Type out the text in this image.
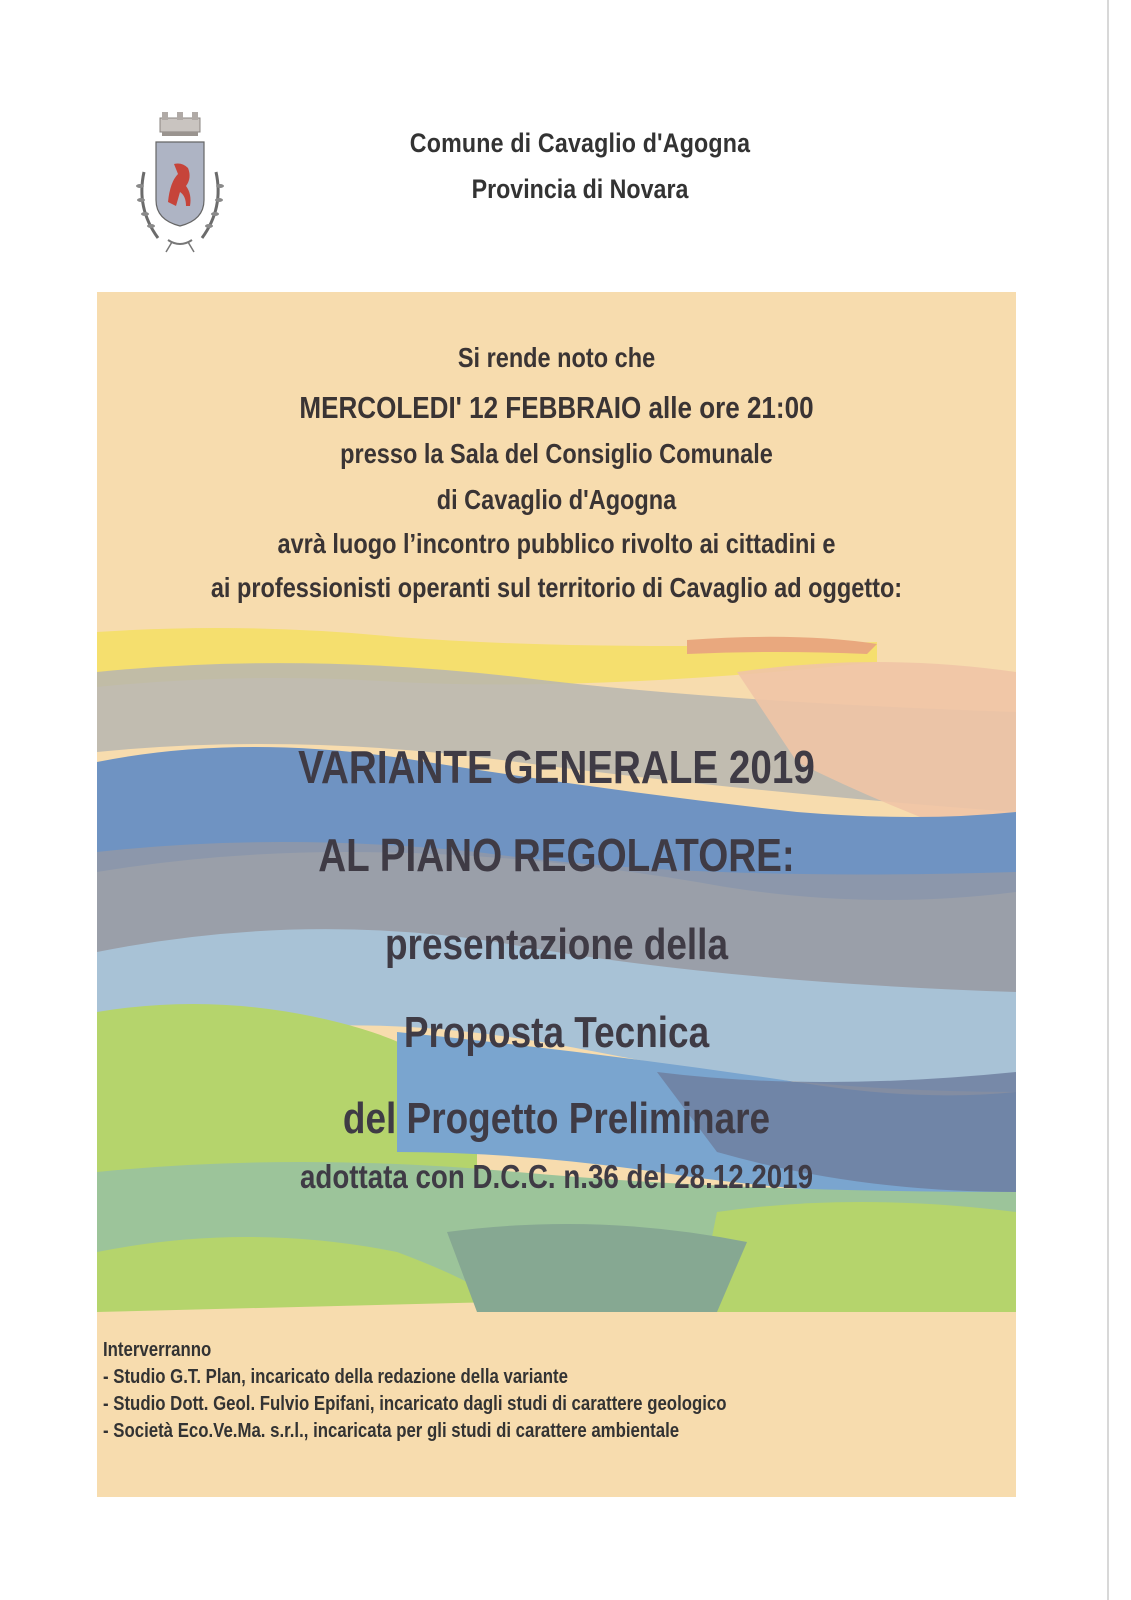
Comune di Cavaglio d'Agogna
Provincia di Novara
Si rende noto che
MERCOLEDI' 12 FEBBRAIO alle ore 21:00
presso la Sala del Consiglio Comunale
di Cavaglio d'Agogna
avrà luogo l’incontro pubblico rivolto ai cittadini e
ai professionisti operanti sul territorio di Cavaglio ad oggetto:
VARIANTE GENERALE 2019
AL PIANO REGOLATORE:
presentazione della
Proposta Tecnica
del Progetto Preliminare
adottata con D.C.C. n.36 del 28.12.2019
Interverranno
- Studio G.T. Plan, incaricato della redazione della variante
- Studio Dott. Geol. Fulvio Epifani, incaricato dagli studi di carattere geologico
- Società Eco.Ve.Ma. s.r.l., incaricata per gli studi di carattere ambientale
